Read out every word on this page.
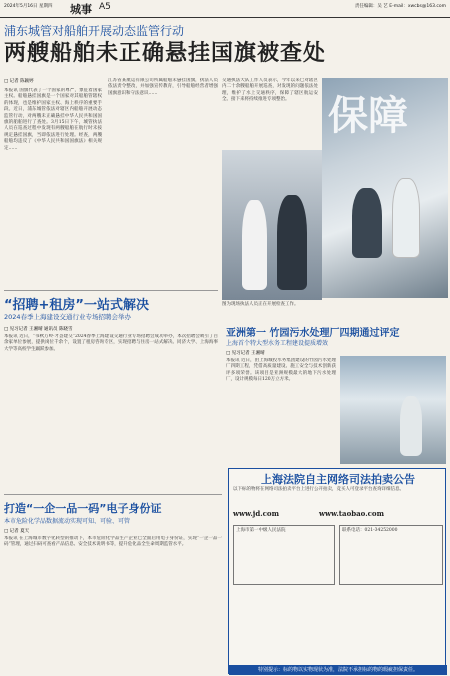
2024年5月16日 星期四 城事 A5	责任编辑：吴 艺 E-mail：xwcbs@163.com
浦东城管对船舶开展动态监管行动
两艘船舶未正确悬挂国旗被查处
□ 记者 陈颖婷
本报讯 国旗代表了一个国家的尊严，象征着国家主权。船舶悬挂国旗是一个国家对其船舶管辖权的体现，也是维护国家主权、海上秩序的重要手段。近日，浦东城管依法对辖区内船舶开展动态监管行动，对两艘未正确悬挂中华人民共和国国旗的船舶进行了查处。3月15日下午，城管执法人员在巡查过程中发现有两艘船舶在航行时未按规定悬挂国旗，当即依法进行处理。经查，两艘船舶均违反了《中华人民共和国国旗法》相关规定……
江苏省某航运有限公司所属船舶未悬挂国旗，执法人员依法责令整改，并加强宣传教育，引导船舶经营者增强国旗意识和守法意识……
交通执法大队工作人员表示，今年以来已对辖区内二十余艘船舶开展巡查，对发现的问题依法处理，维护了水上交通秩序，保障了辖区航运安全。接下来将持续推进专项整治。 保障
图为现场执法人员正在开展检查工作。
“招聘+租房”一站式解决
2024春季上海建设交通行业专场招聘会举办
□ 见习记者 王湘晴 通讯员 陈晓雪
本报讯 近日，“书秋万岭·才荟建交”2024春季上海建设交通行业专场招聘会成功举办，本次招聘会吸引了百余家单位参展，提供岗位千余个，设置了租房咨询专区，实现招聘与住房一站式解决。同济大学、上海海事大学等高校学生踊跃参加。
亚洲第一 竹园污水处理厂四期通过评定
上海首个特大型水务工程建设提质增效
□ 见习记者 王湘晴
本报讯 近日，由上海城投水务集团建设的竹园污水处理厂四期工程，凭借高质量建设、施工安全与技术创新获评多项荣誉。该项目是亚洲规模最大的地下污水处理厂，设计规模每日120万立方米。
打造“一企一品一码”电子身份证
本市危险化学品数据流动实现可知、可验、可管
□ 记者 夏天
本报讯 在上海城市数字化转型的推动下，本市危险化学品生产企业已全面启用电子身份证，实现“一企一品一码”管理，通过扫码可查看产品信息、安全技术说明书等，提升危化品全生命周期监管水平。
上海法院自主网络司法拍卖公告
以下标的物将在网络司法拍卖平台上进行公开拍卖，竞买人可登录平台查询详细信息。
www.jd.com	www.taobao.com
上海市第一中级人民法院	联系电话：021-34252000
特别提示：标的物以实物现状为准，法院不承担标的物的瑕疵担保责任。
